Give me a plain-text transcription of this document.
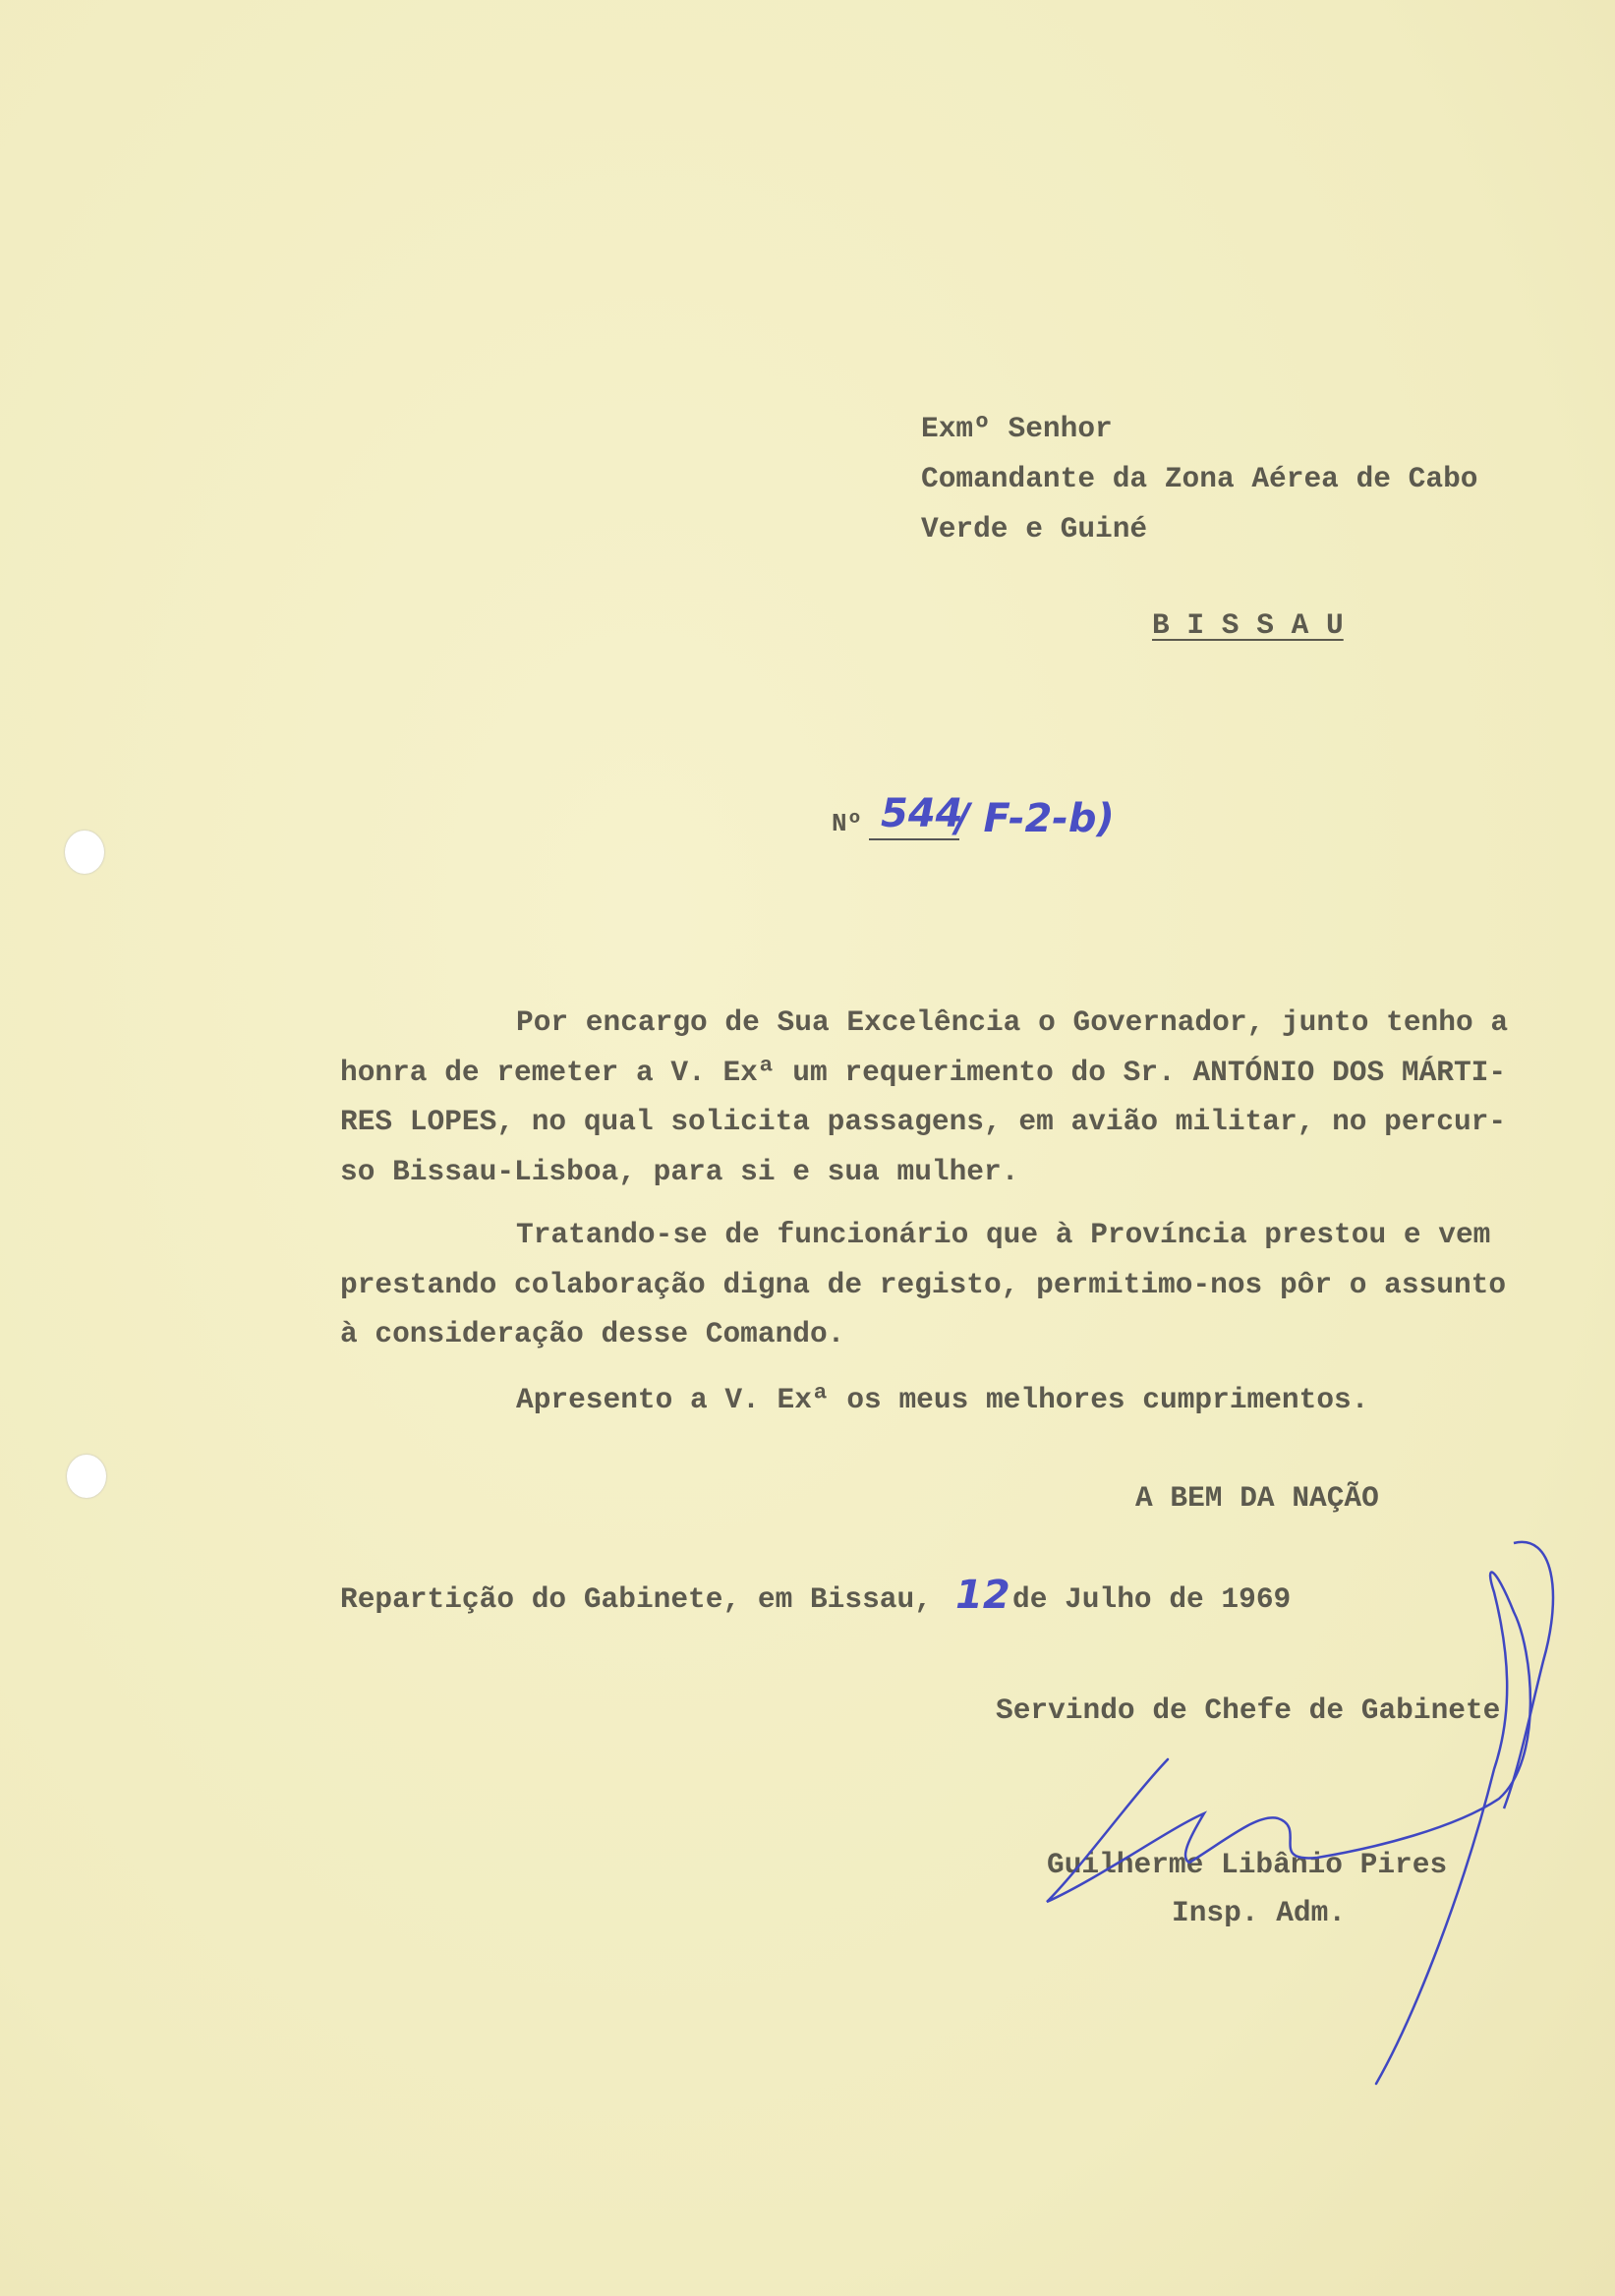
Exmº Senhor
Comandante da Zona Aérea de Cabo
Verde e Guiné
B I S S A U
Nº 544
/ F-2-b)
Por encargo de Sua Excelência o Governador, junto tenho a
honra de remeter a V. Exª um requerimento do Sr. ANTÓNIO DOS MÁRTI-
RES LOPES, no qual solicita passagens, em avião militar, no percur-
so Bissau-Lisboa, para si e sua mulher.
Tratando-se de funcionário que à Província prestou e vem
prestando colaboração digna de registo, permitimo-nos pôr o assunto
à consideração desse Comando.
Apresento a V. Exª os meus melhores cumprimentos.
A BEM DA NAÇÃO
Repartição do Gabinete, em Bissau, 12 de Julho de 1969
Servindo de Chefe de Gabinete
Guilherme Libânio Pires
Insp. Adm.
